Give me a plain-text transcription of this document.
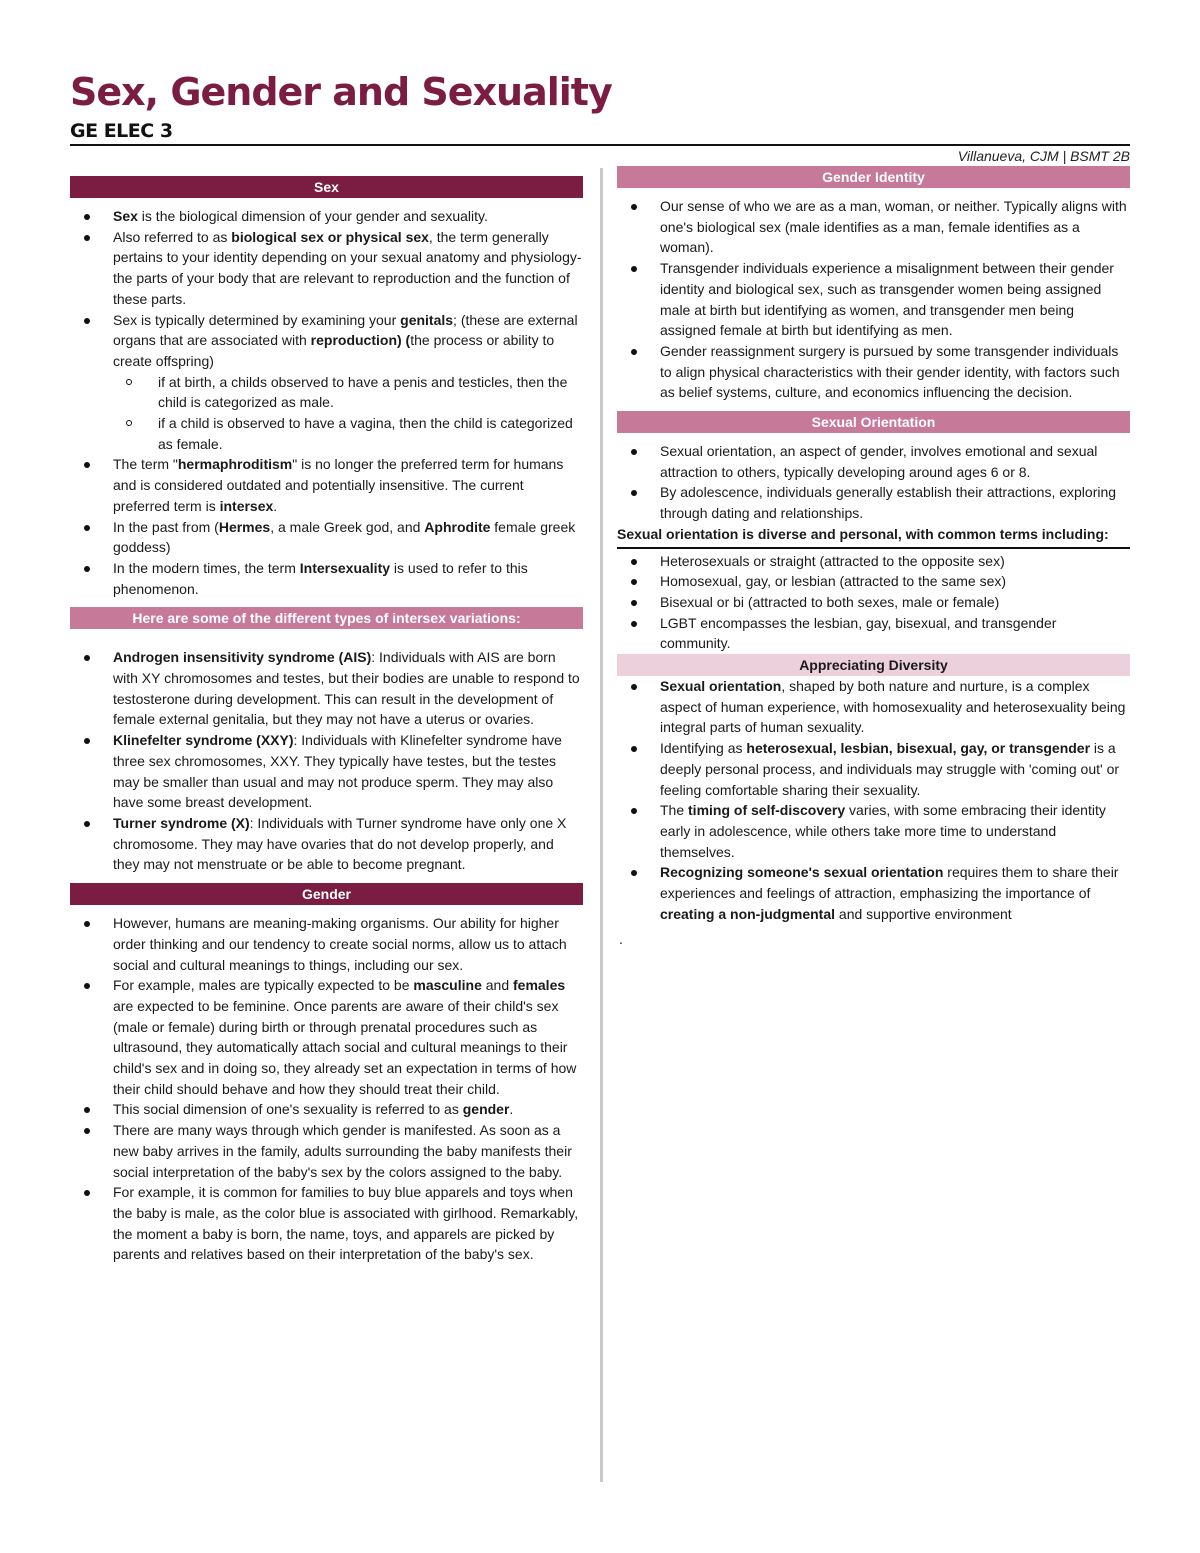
Sex, Gender and Sexuality
GE ELEC 3
Villanueva, CJM | BSMT 2B
Sex
Sex is the biological dimension of your gender and sexuality.
Also referred to as biological sex or physical sex, the term generally pertains to your identity depending on your sexual anatomy and physiology- the parts of your body that are relevant to reproduction and the function of these parts.
Sex is typically determined by examining your genitals; (these are external organs that are associated with reproduction) (the process or ability to create offspring)
if at birth, a childs observed to have a penis and testicles, then the child is categorized as male.
if a child is observed to have a vagina, then the child is categorized as female.
The term "hermaphroditism" is no longer the preferred term for humans and is considered outdated and potentially insensitive. The current preferred term is intersex.
In the past from (Hermes, a male Greek god, and Aphrodite female greek goddess)
In the modern times, the term Intersexuality is used to refer to this phenomenon.
Here are some of the different types of intersex variations:
Androgen insensitivity syndrome (AIS): Individuals with AIS are born with XY chromosomes and testes, but their bodies are unable to respond to testosterone during development. This can result in the development of female external genitalia, but they may not have a uterus or ovaries.
Klinefelter syndrome (XXY): Individuals with Klinefelter syndrome have three sex chromosomes, XXY. They typically have testes, but the testes may be smaller than usual and may not produce sperm. They may also have some breast development.
Turner syndrome (X): Individuals with Turner syndrome have only one X chromosome. They may have ovaries that do not develop properly, and they may not menstruate or be able to become pregnant.
Gender
However, humans are meaning-making organisms. Our ability for higher order thinking and our tendency to create social norms, allow us to attach social and cultural meanings to things, including our sex.
For example, males are typically expected to be masculine and females are expected to be feminine. Once parents are aware of their child's sex (male or female) during birth or through prenatal procedures such as ultrasound, they automatically attach social and cultural meanings to their child's sex and in doing so, they already set an expectation in terms of how their child should behave and how they should treat their child.
This social dimension of one's sexuality is referred to as gender.
There are many ways through which gender is manifested. As soon as a new baby arrives in the family, adults surrounding the baby manifests their social interpretation of the baby's sex by the colors assigned to the baby.
For example, it is common for families to buy blue apparels and toys when the baby is male, as the color blue is associated with girlhood. Remarkably, the moment a baby is born, the name, toys, and apparels are picked by parents and relatives based on their interpretation of the baby's sex.
Gender Identity
Our sense of who we are as a man, woman, or neither. Typically aligns with one's biological sex (male identifies as a man, female identifies as a woman).
Transgender individuals experience a misalignment between their gender identity and biological sex, such as transgender women being assigned male at birth but identifying as women, and transgender men being assigned female at birth but identifying as men.
Gender reassignment surgery is pursued by some transgender individuals to align physical characteristics with their gender identity, with factors such as belief systems, culture, and economics influencing the decision.
Sexual Orientation
Sexual orientation, an aspect of gender, involves emotional and sexual attraction to others, typically developing around ages 6 or 8.
By adolescence, individuals generally establish their attractions, exploring through dating and relationships.
Sexual orientation is diverse and personal, with common terms including:
Heterosexuals or straight (attracted to the opposite sex)
Homosexual, gay, or lesbian (attracted to the same sex)
Bisexual or bi (attracted to both sexes, male or female)
LGBT encompasses the lesbian, gay, bisexual, and transgender community.
Appreciating Diversity
Sexual orientation, shaped by both nature and nurture, is a complex aspect of human experience, with homosexuality and heterosexuality being integral parts of human sexuality.
Identifying as heterosexual, lesbian, bisexual, gay, or transgender is a deeply personal process, and individuals may struggle with 'coming out' or feeling comfortable sharing their sexuality.
The timing of self-discovery varies, with some embracing their identity early in adolescence, while others take more time to understand themselves.
Recognizing someone's sexual orientation requires them to share their experiences and feelings of attraction, emphasizing the importance of creating a non-judgmental and supportive environment
.
